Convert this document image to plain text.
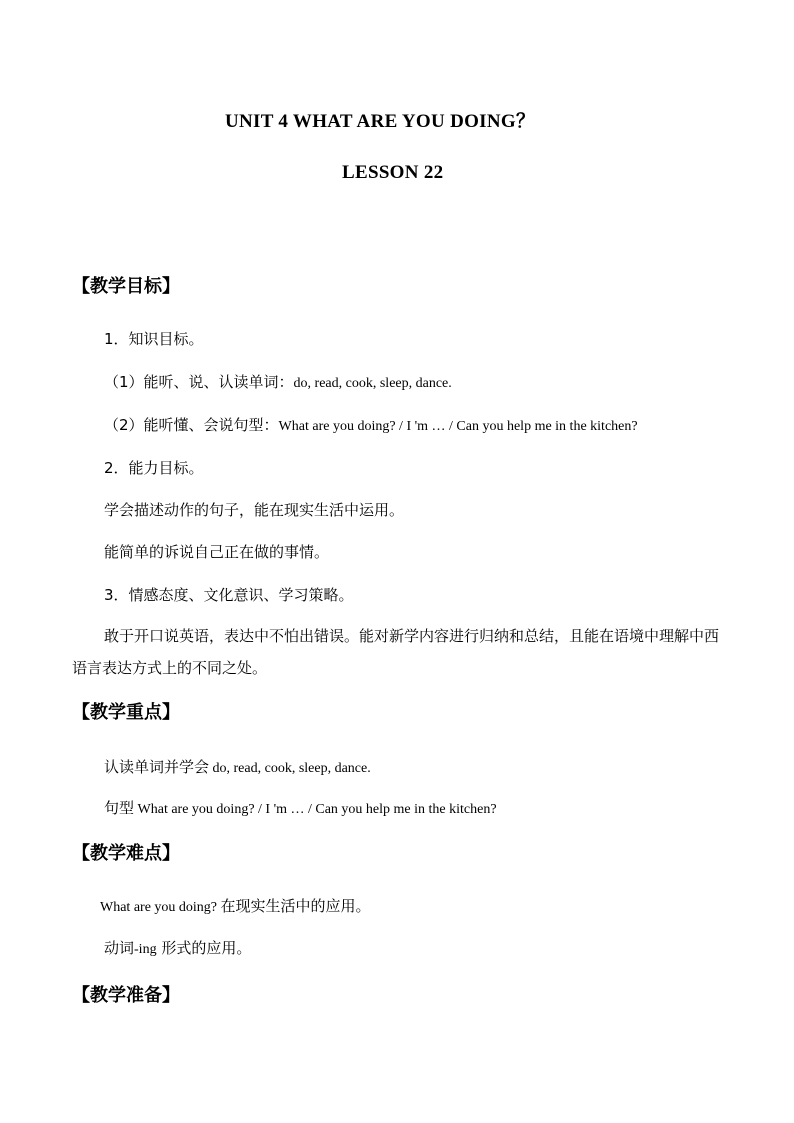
UNIT 4 WHAT ARE YOU DOING？
LESSON 22
【教学目标】
1．知识目标。
（1）能听、说、认读单词：do, read, cook, sleep, dance.
（2）能听懂、会说句型：What are you doing? / I 'm … / Can you help me in the kitchen?
2．能力目标。
学会描述动作的句子，能在现实生活中运用。
能简单的诉说自己正在做的事情。
3．情感态度、文化意识、学习策略。
敢于开口说英语，表达中不怕出错误。能对新学内容进行归纳和总结，且能在语境中理解中西语言表达方式上的不同之处。
【教学重点】
认读单词并学会 do, read, cook, sleep, dance.
句型 What are you doing? / I 'm … / Can you help me in the kitchen?
【教学难点】
What are you doing? 在现实生活中的应用。
动词-ing 形式的应用。
【教学准备】
